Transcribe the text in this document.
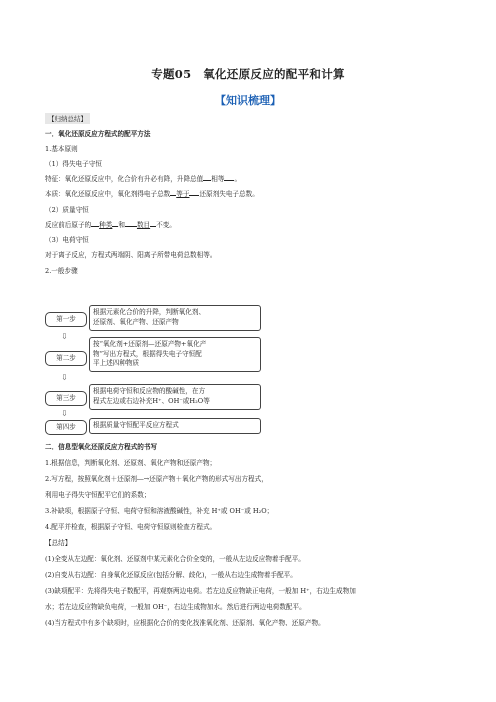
专题05　氧化还原反应的配平和计算
【知识梳理】
【归纳总结】
一．氧化还原反应方程式的配平方法
1.基本原则
（1）得失电子守恒
特征：氧化还原反应中，化合价有升必有降，升降总值 相等 。
本质：氧化还原反应中，氧化剂得电子总数 等于 还原剂失电子总数。
（2）质量守恒
反应前后原子的 种类 和 数目 不变。
（3）电荷守恒
对于离子反应，方程式两端阴、阳离子所带电荷总数相等。
2.一般步骤
第一步
根据元素化合价的升降，判断氧化剂、
还原剂、氧化产物、还原产物
⇩
第二步
按“氧化剂+还原剂—还原产物+氧化产
物”写出方程式，根据得失电子守恒配
平上述四种物质
⇩
第三步
根据电荷守恒和反应物的酸碱性，在方
程式左边或右边补充H⁺、OH⁻或H₂O等
⇩
第四步	根据质量守恒配平反应方程式
二．信息型氧化还原反应方程式的书写
1.根据信息，判断氧化剂、还原剂、氧化产物和还原产物；
2.写方程，按照氧化剂＋还原剂―→还原产物＋氧化产物的形式写出方程式，
利用电子得失守恒配平它们的系数；
3.补缺项，根据原子守恒、电荷守恒和溶液酸碱性，补充 H⁺或 OH⁻或 H₂O；
4.配平并检查，根据原子守恒、电荷守恒原则检查方程式。
【总结】
(1)全变从左边配：氧化剂、还原剂中某元素化合价全变的，一般从左边反应物着手配平。
(2)自变从右边配：自身氧化还原反应(包括分解、歧化)，一般从右边生成物着手配平。
(3)缺项配平：先将得失电子数配平，再观察两边电荷。若左边反应物缺正电荷，一般加 H⁺，右边生成物加
水；若左边反应物缺负电荷，一般加 OH⁻，右边生成物加水。然后进行两边电荷数配平。
(4)当方程式中有多个缺项时，应根据化合价的变化找准氧化剂、还原剂、氧化产物、还原产物。
